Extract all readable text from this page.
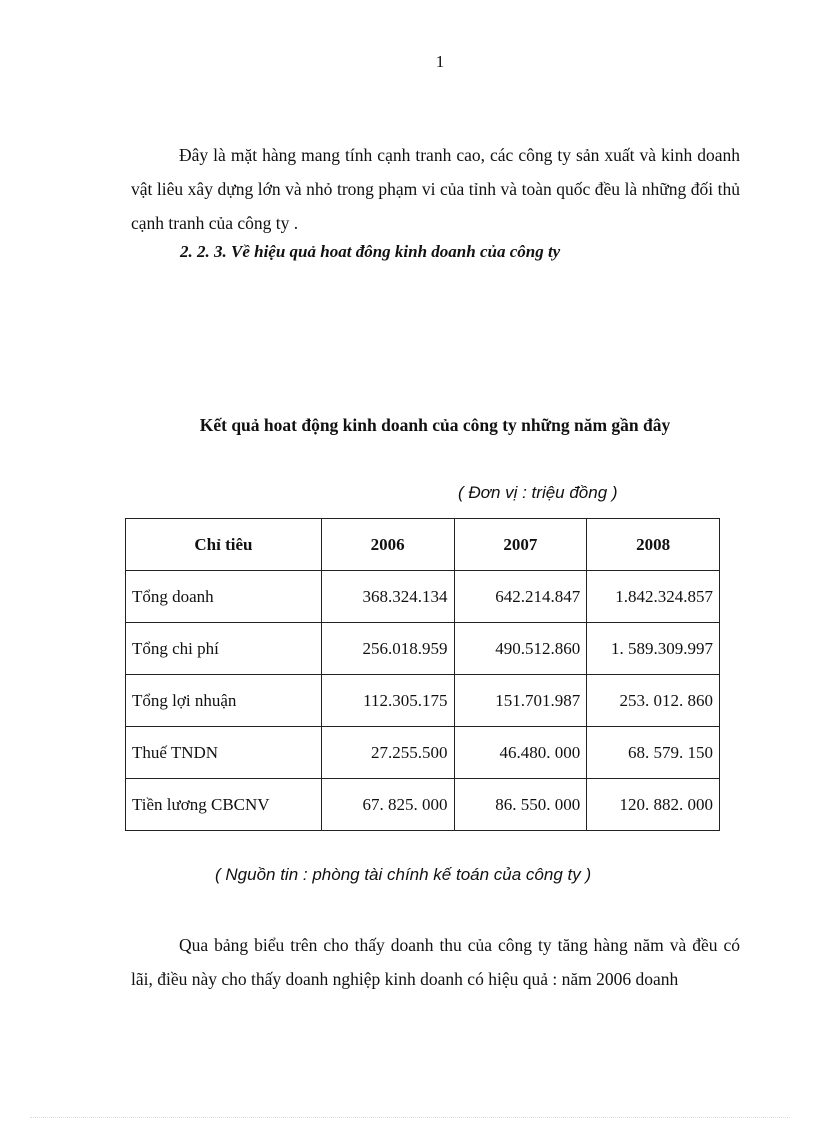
1

Đây là mặt hàng mang tính cạnh tranh cao, các công ty sản xuất và kinh doanh vật liêu xây dựng lớn và nhỏ trong phạm vi của tỉnh và toàn quốc đều là những đối thủ cạnh tranh của công ty .

2. 2. 3. Về hiệu quả hoat đông kinh doanh của công ty
Kết quả hoat động kinh doanh của công ty những năm gần đây
( Đơn vị : triệu đồng )
Chỉ tiêu	2006	2007	2008
Tổng doanh	368.324.134	642.214.847	1.842.324.857
Tổng chi phí	256.018.959	490.512.860	1. 589.309.997
Tổng lợi nhuận	112.305.175	151.701.987	253. 012. 860
Thuế TNDN	27.255.500	46.480. 000	68. 579. 150
Tiền lương CBCNV	67. 825. 000	86. 550. 000	120. 882. 000
( Nguồn tin : phòng tài chính kế toán của công ty )

Qua bảng biểu trên cho thấy doanh thu của công ty tăng hàng năm và đều có lãi, điều này cho thấy doanh nghiệp kinh doanh có hiệu quả : năm 2006 doanh
